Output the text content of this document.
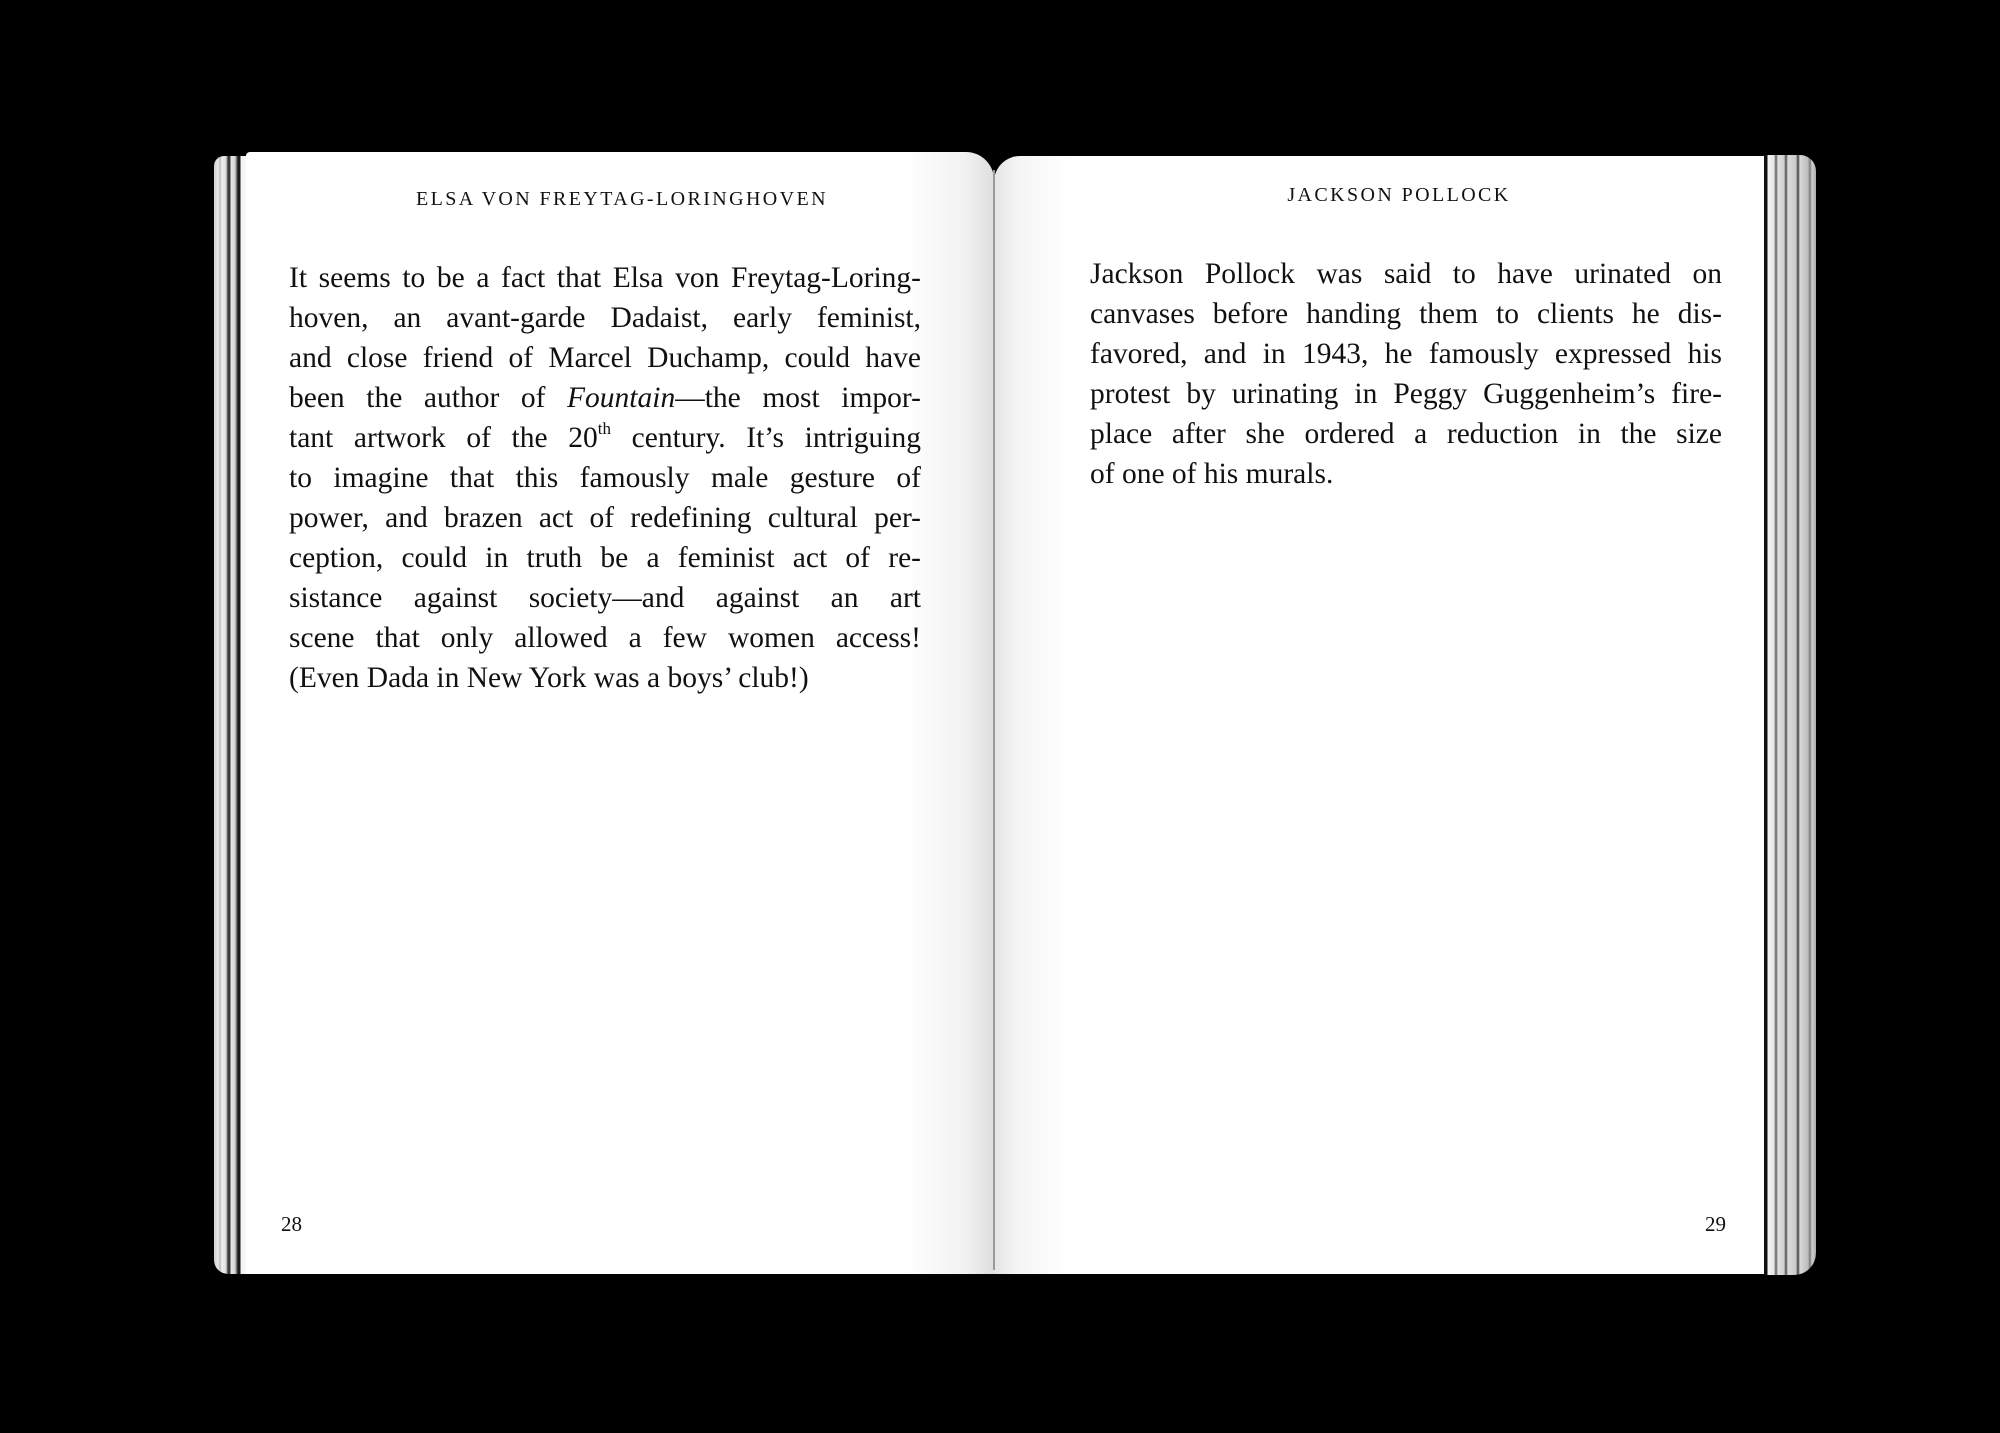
ELSA VON FREYTAG-LORINGHOVEN
It seems to be a fact that Elsa von Freytag-Loring-
hoven, an avant-garde Dadaist, early feminist,
and close friend of Marcel Duchamp, could have
been the author of Fountain—the most impor-
tant artwork of the 20th century. It’s intriguing
to imagine that this famously male gesture of
power, and brazen act of redefining cultural per-
ception, could in truth be a feminist act of re-
sistance against society—and against an art
scene that only allowed a few women access!
(Even Dada in New York was a boys’ club!)
28
JACKSON POLLOCK
Jackson Pollock was said to have urinated on
canvases before handing them to clients he dis-
favored, and in 1943, he famously expressed his
protest by urinating in Peggy Guggenheim’s fire-
place after she ordered a reduction in the size
of one of his murals.
29
